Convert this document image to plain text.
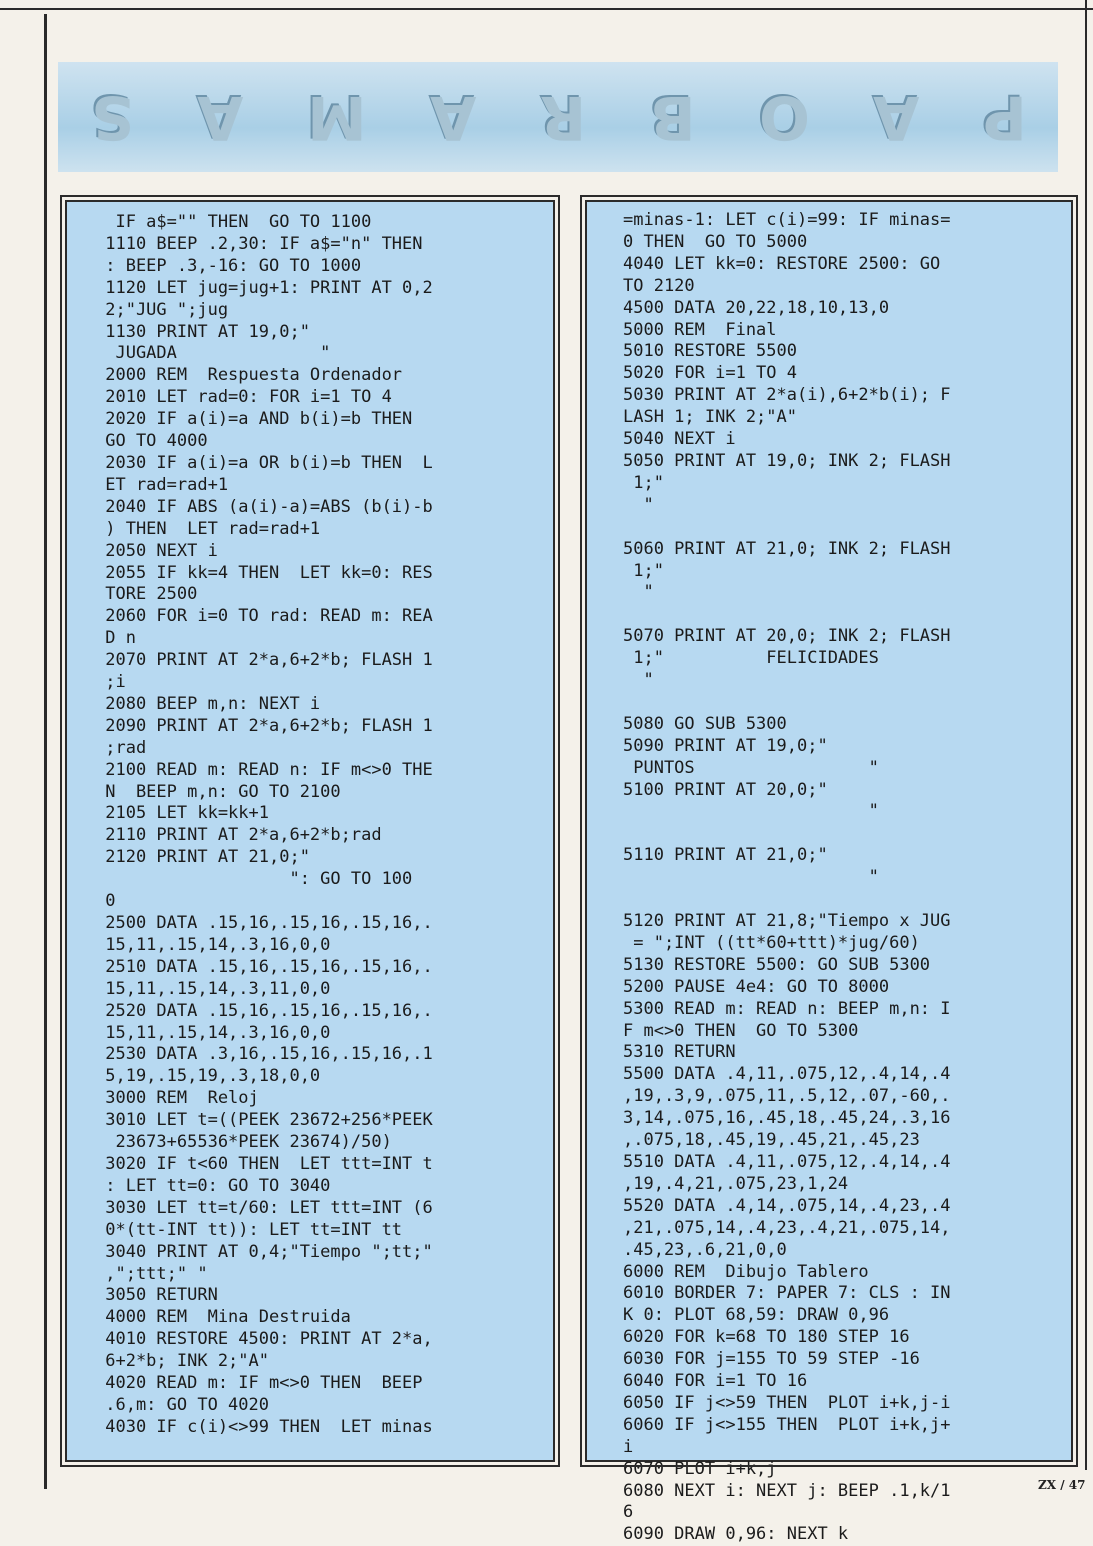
S A M A R B O A P
IF a$="" THEN  GO TO 1100
1110 BEEP .2,30: IF a$="n" THEN
: BEEP .3,-16: GO TO 1000
1120 LET jug=jug+1: PRINT AT 0,2
2;"JUG ";jug
1130 PRINT AT 19,0;"
JUGADA              "
2000 REM  Respuesta Ordenador
2010 LET rad=0: FOR i=1 TO 4
2020 IF a(i)=a AND b(i)=b THEN
GO TO 4000
2030 IF a(i)=a OR b(i)=b THEN  L
ET rad=rad+1
2040 IF ABS (a(i)-a)=ABS (b(i)-b
) THEN  LET rad=rad+1
2050 NEXT i
2055 IF kk=4 THEN  LET kk=0: RES
TORE 2500
2060 FOR i=0 TO rad: READ m: REA
D n
2070 PRINT AT 2*a,6+2*b; FLASH 1
;i
2080 BEEP m,n: NEXT i
2090 PRINT AT 2*a,6+2*b; FLASH 1
;rad
2100 READ m: READ n: IF m<>0 THE
N  BEEP m,n: GO TO 2100
2105 LET kk=kk+1
2110 PRINT AT 2*a,6+2*b;rad
2120 PRINT AT 21,0;"
": GO TO 100
0
2500 DATA .15,16,.15,16,.15,16,.
15,11,.15,14,.3,16,0,0
2510 DATA .15,16,.15,16,.15,16,.
15,11,.15,14,.3,11,0,0
2520 DATA .15,16,.15,16,.15,16,.
15,11,.15,14,.3,16,0,0
2530 DATA .3,16,.15,16,.15,16,.1
5,19,.15,19,.3,18,0,0
3000 REM  Reloj
3010 LET t=((PEEK 23672+256*PEEK
23673+65536*PEEK 23674)/50)
3020 IF t<60 THEN  LET ttt=INT t
: LET tt=0: GO TO 3040
3030 LET tt=t/60: LET ttt=INT (6
0*(tt-INT tt)): LET tt=INT tt
3040 PRINT AT 0,4;"Tiempo ";tt;"
,";ttt;" "
3050 RETURN
4000 REM  Mina Destruida
4010 RESTORE 4500: PRINT AT 2*a,
6+2*b; INK 2;"A"
4020 READ m: IF m<>0 THEN  BEEP
.6,m: GO TO 4020
4030 IF c(i)<>99 THEN  LET minas
=minas-1: LET c(i)=99: IF minas=
0 THEN  GO TO 5000
4040 LET kk=0: RESTORE 2500: GO
TO 2120
4500 DATA 20,22,18,10,13,0
5000 REM  Final
5010 RESTORE 5500
5020 FOR i=1 TO 4
5030 PRINT AT 2*a(i),6+2*b(i); F
LASH 1; INK 2;"A"
5040 NEXT i
5050 PRINT AT 19,0; INK 2; FLASH
1;"
"

5060 PRINT AT 21,0; INK 2; FLASH
1;"
"

5070 PRINT AT 20,0; INK 2; FLASH
1;"          FELICIDADES
"

5080 GO SUB 5300
5090 PRINT AT 19,0;"
PUNTOS                 "
5100 PRINT AT 20,0;"
"

5110 PRINT AT 21,0;"
"

5120 PRINT AT 21,8;"Tiempo x JUG
= ";INT ((tt*60+ttt)*jug/60)
5130 RESTORE 5500: GO SUB 5300
5200 PAUSE 4e4: GO TO 8000
5300 READ m: READ n: BEEP m,n: I
F m<>0 THEN  GO TO 5300
5310 RETURN
5500 DATA .4,11,.075,12,.4,14,.4
,19,.3,9,.075,11,.5,12,.07,-60,.
3,14,.075,16,.45,18,.45,24,.3,16
,.075,18,.45,19,.45,21,.45,23
5510 DATA .4,11,.075,12,.4,14,.4
,19,.4,21,.075,23,1,24
5520 DATA .4,14,.075,14,.4,23,.4
,21,.075,14,.4,23,.4,21,.075,14,
.45,23,.6,21,0,0
6000 REM  Dibujo Tablero
6010 BORDER 7: PAPER 7: CLS : IN
K 0: PLOT 68,59: DRAW 0,96
6020 FOR k=68 TO 180 STEP 16
6030 FOR j=155 TO 59 STEP -16
6040 FOR i=1 TO 16
6050 IF j<>59 THEN  PLOT i+k,j-i
6060 IF j<>155 THEN  PLOT i+k,j+
i
6070 PLOT i+k,j
6080 NEXT i: NEXT j: BEEP .1,k/1
6
6090 DRAW 0,96: NEXT k
ZX / 47
